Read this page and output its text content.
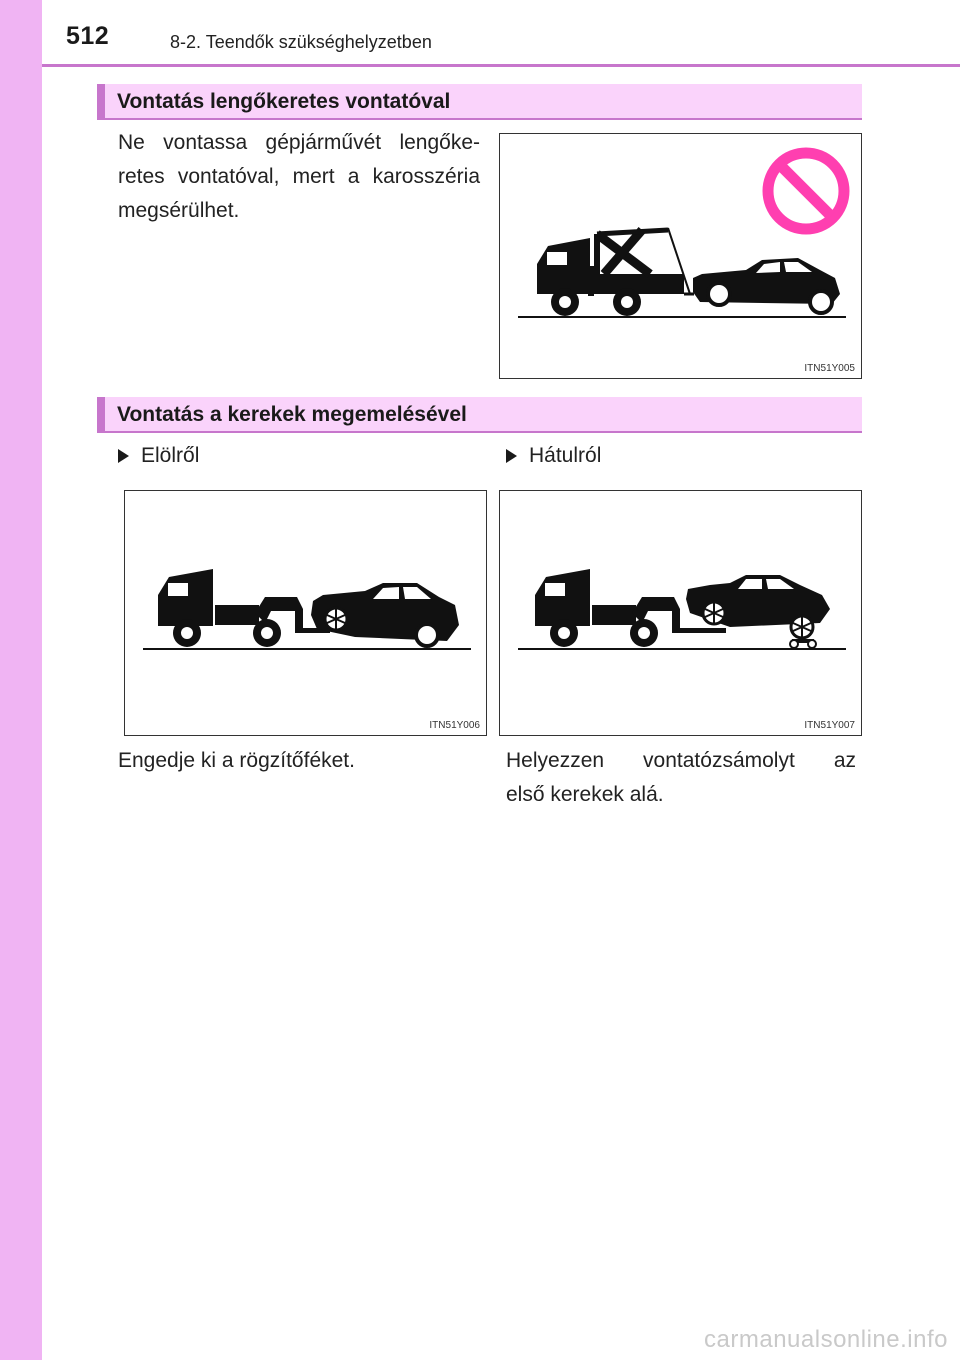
512	8-2. Teendők szükséghelyzetben
Vontatás lengőkeretes vontatóval
Ne vontassa gépjárművét lengőke-
retes vontatóval, mert a karosszéria
megsérülhet.
ITN51Y005
Vontatás a kerekek megemelésével
Elölről	Hátulról
ITN51Y006	ITN51Y007
Engedje ki a rögzítőféket.	Helyezzen vontatózsámolyt az
első kerekek alá.
carmanualsonline.info
